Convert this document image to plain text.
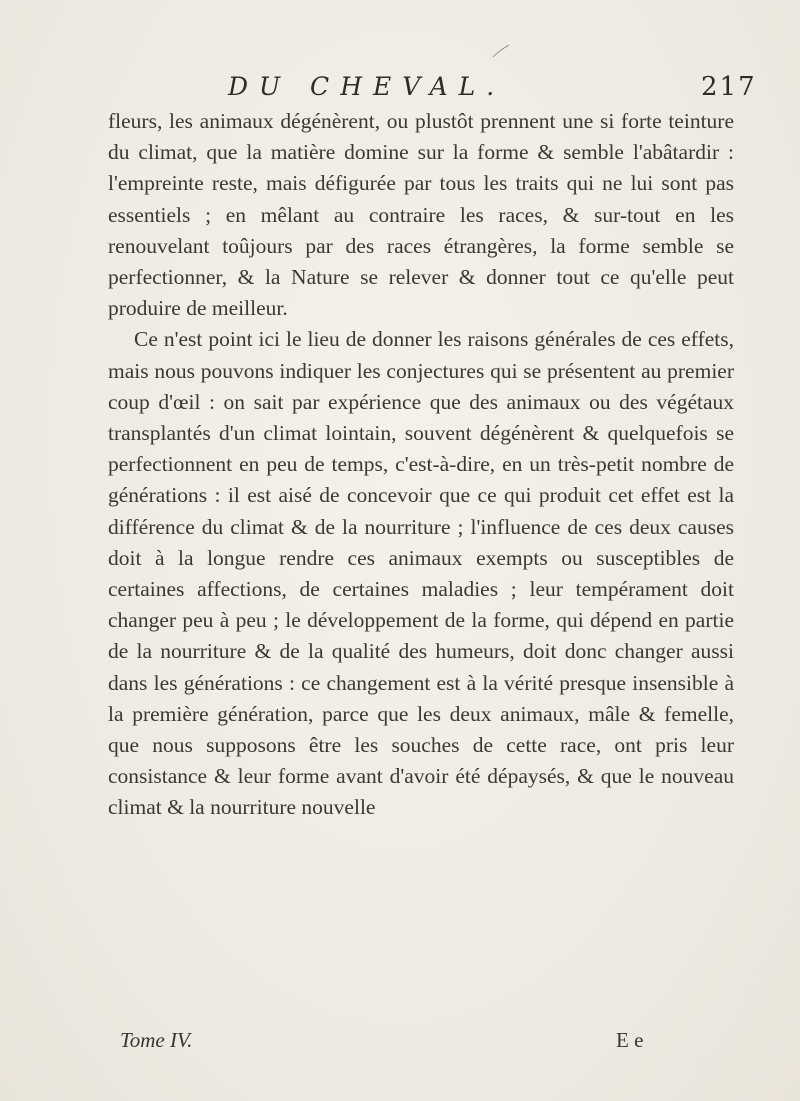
DU CHEVAL.	217

fleurs, les animaux dégénèrent, ou plustôt prennent une si forte teinture du climat, que la matière domine sur la forme & semble l'abâtardir : l'empreinte reste, mais défigurée par tous les traits qui ne lui sont pas essentiels ; en mêlant au contraire les races, & sur-tout en les renouvelant toûjours par des races étrangères, la forme semble se perfectionner, & la Nature se relever & donner tout ce qu'elle peut produire de meilleur.

Ce n'est point ici le lieu de donner les raisons générales de ces effets, mais nous pouvons indiquer les conjectures qui se présentent au premier coup d'œil : on sait par expérience que des animaux ou des végétaux transplantés d'un climat lointain, souvent dégénèrent & quelquefois se perfectionnent en peu de temps, c'est-à-dire, en un très-petit nombre de générations : il est aisé de concevoir que ce qui produit cet effet est la différence du climat & de la nourriture ; l'influence de ces deux causes doit à la longue rendre ces animaux exempts ou susceptibles de certaines affections, de certaines maladies ; leur tempérament doit changer peu à peu ; le développement de la forme, qui dépend en partie de la nourriture & de la qualité des humeurs, doit donc changer aussi dans les générations : ce changement est à la vérité presque insensible à la première génération, parce que les deux animaux, mâle & femelle, que nous supposons être les souches de cette race, ont pris leur consistance & leur forme avant d'avoir été dépaysés, & que le nouveau climat & la nourriture nouvelle

Tome IV.	E e
